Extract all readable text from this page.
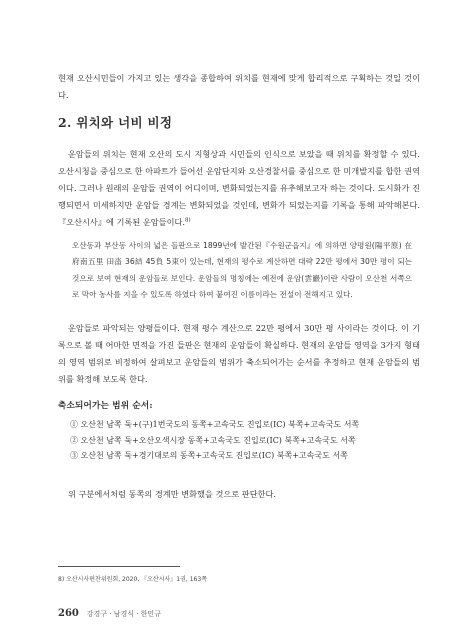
현재 오산시민들이 가지고 있는 생각을 종합하여 위치를 현재에 맞게 합리적으로 구획하는 것일 것이다.

2. 위치와 너비 비정

운암들의 위치는 현재 오산의 도시 지형상과 시민들의 인식으로 보았을 때 위치를 확정할 수 있다. 오산시청을 중심으로 한 아파트가 들어선 운암단지와 오산경찰서를 중심으로 한 미개발지를 합한 권역이다. 그러나 원래의 운암들 권역이 어디이며, 변화되었는지를 유추해보고자 하는 것이다. 도시화가 진행되면서 미세하지만 운암들 경계는 변화되었을 것인데, 변화가 되었는지를 기록을 통해 파악해본다. 『오산시사』에 기록된 운암들이다.$^{8)}$

오산동과 부산동 사이의 넓은 들판으로 1899년에 발간된『수원군읍지』에 의하면 양평원(陽平原) 在府南五里 田畓 36結 45負 5束이 있는데, 현재의 평수로 계산하면 대략 22만 평에서 30만 평이 되는 것으로 보여 현재의 운암들로 보인다. 운암들의 명칭에는 예전에 운암(雲巖)이란 사람이 오산천 서쪽으로 막아 농사를 지을 수 있도록 하였다 하여 붙여진 이름이라는 전설이 전해지고 있다.

운암들로 파악되는 양평들이다. 현재 평수 계산으로 22만 평에서 30만 평 사이라는 것이다. 이 기록으로 볼 때 어마한 면적을 가진 들판은 현재의 운암들이 확실하다. 현재의 운암들 영역을 3가지 형태의 영역 범위로 비정하여 살펴보고 운암들의 범위가 축소되어가는 순서를 추정하고 현재 운암들의 범위를 확정해 보도록 한다.

축소되어가는 범위 순서:

① 오산천 남쪽 둑+(구)1번국도의 동쪽+고속국도 진입로(IC) 북쪽+고속국도 서쪽

② 오산천 남쪽 둑+오산오색시장 동쪽+고속국도 진입로(IC) 북쪽+고속국도 서쪽

③ 오산천 남쪽 둑+경기대로의 동쪽+고속국도 진입로(IC) 북쪽+고속국도 서쪽

위 구분에서처럼 동쪽의 경계만 변화했을 것으로 판단한다.

8) 오산시사편찬위원회, 2020, 『오산시사』1권, 163쪽

260 강경구 · 남경식 · 한민규
